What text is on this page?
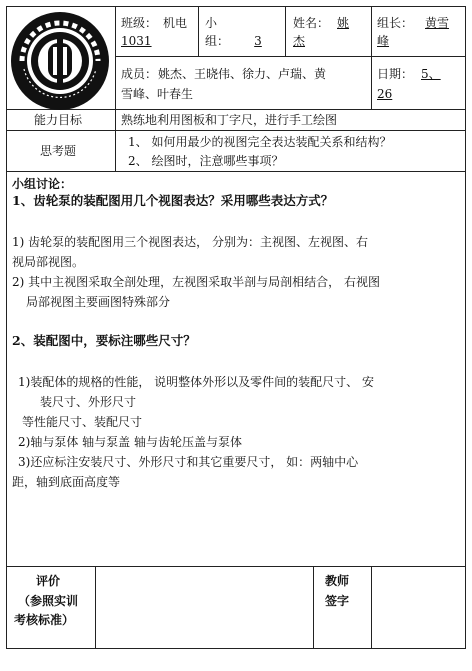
班级： 机电
1031
小
组：	3
姓名： 姚
杰
组长： 黄雪
峰
成员： 姚杰、王晓伟、徐力、卢瑞、黄
雪峰、叶春生
日期： 5、
26
能力目标	熟练地利用图板和丁字尺，进行手工绘图
思考题
1、 如何用最少的视图完全表达装配关系和结构？
2、 绘图时，注意哪些事项？
小组讨论：
1、齿轮泵的装配图用几个视图表达？采用哪些表达方式？
1) 齿轮泵的装配图用三个视图表达， 分别为：主视图、左视图、右
视局部视图。
2) 其中主视图采取全剖处理，左视图采取半剖与局剖相结合， 右视图
局部视图主要画图特殊部分
2、装配图中，要标注哪些尺寸？
1)装配体的规格的性能， 说明整体外形以及零件间的装配尺寸、 安
装尺寸、外形尺寸
等性能尺寸、装配尺寸
2)轴与泵体 轴与泵盖 轴与齿轮压盖与泵体
3)还应标注安装尺寸、外形尺寸和其它重要尺寸， 如：两轴中心
距，轴到底面高度等
评价
（参照实训
考核标准）
教师
签字
